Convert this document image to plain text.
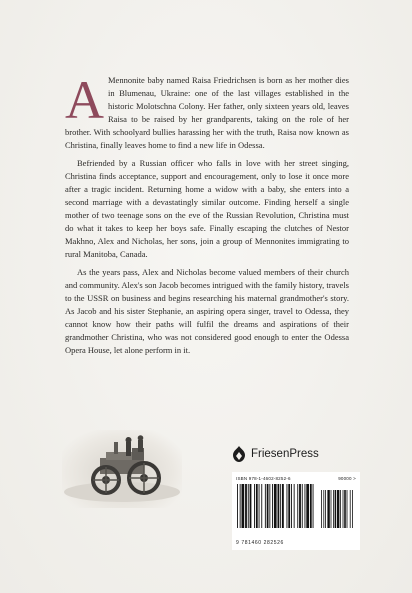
A Mennonite baby named Raisa Friedrichsen is born as her mother dies in Blumenau, Ukraine: one of the last villages established in the historic Molotschna Colony. Her father, only sixteen years old, leaves Raisa to be raised by her grandparents, taking on the role of her brother. With schoolyard bullies harassing her with the truth, Raisa now known as Christina, finally leaves home to find a new life in Odessa.

Befriended by a Russian officer who falls in love with her street singing, Christina finds acceptance, support and encouragement, only to lose it once more after a tragic incident. Returning home a widow with a baby, she enters into a second marriage with a devastatingly similar outcome. Finding herself a single mother of two teenage sons on the eve of the Russian Revolution, Christina must do what it takes to keep her boys safe. Finally escaping the clutches of Nestor Makhno, Alex and Nicholas, her sons, join a group of Mennonites immigrating to rural Manitoba, Canada.

As the years pass, Alex and Nicholas become valued members of their church and community. Alex's son Jacob becomes intrigued with the family history, travels to the USSR on business and begins researching his maternal grandmother's story. As Jacob and his sister Stephanie, an aspiring opera singer, travel to Odessa, they cannot know how their paths will fulfil the dreams and aspirations of their grandmother Christina, who was not considered good enough to enter the Odessa Opera House, let alone perform in it.

FriesenPress
ISBN 978-1-4602-8252-6	90000 >
9 781460 282526
